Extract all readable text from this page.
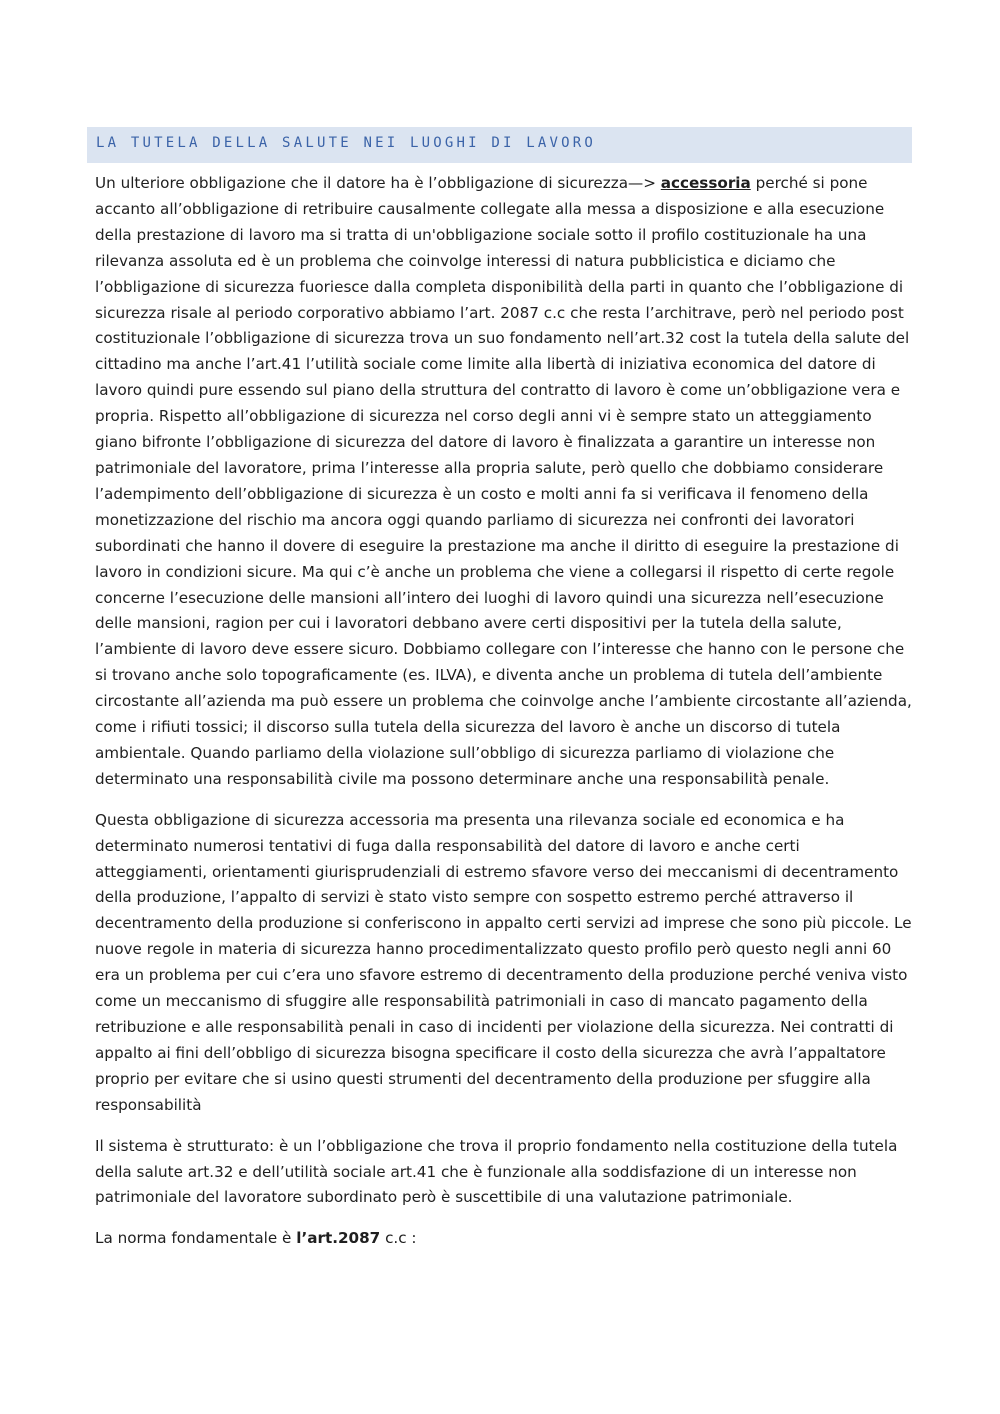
LA TUTELA DELLA SALUTE NEI LUOGHI DI LAVORO

Un ulteriore obbligazione che il datore ha è l’obbligazione di sicurezza—> accessoria perché si pone accanto all’obbligazione di retribuire causalmente collegate alla messa a disposizione e alla esecuzione della prestazione di lavoro ma si tratta di un'obbligazione sociale sotto il profilo costituzionale ha una rilevanza assoluta ed è un problema che coinvolge interessi di natura pubblicistica e diciamo che l’obbligazione di sicurezza fuoriesce dalla completa disponibilità della parti in quanto che l’obbligazione di sicurezza risale al periodo corporativo abbiamo l’art. 2087 c.c che resta l’architrave, però nel periodo post costituzionale l’obbligazione di sicurezza trova un suo fondamento nell’art.32 cost la tutela della salute del cittadino ma anche l’art.41 l’utilità sociale come limite alla libertà di iniziativa economica del datore di lavoro quindi pure essendo sul piano della struttura del contratto di lavoro è come un’obbligazione vera e propria. Rispetto all’obbligazione di sicurezza nel corso degli anni vi è sempre stato un atteggiamento giano bifronte l’obbligazione di sicurezza del datore di lavoro è finalizzata a garantire un interesse non patrimoniale del lavoratore, prima l’interesse alla propria salute, però quello che dobbiamo considerare l’adempimento dell’obbligazione di sicurezza è un costo e molti anni fa si verificava il fenomeno della monetizzazione del rischio ma ancora oggi quando parliamo di sicurezza nei confronti dei lavoratori subordinati che hanno il dovere di eseguire la prestazione ma anche il diritto di eseguire la prestazione di lavoro in condizioni sicure. Ma qui c’è anche un problema che viene a collegarsi il rispetto di certe regole concerne l’esecuzione delle mansioni all’intero dei luoghi di lavoro quindi una sicurezza nell’esecuzione delle mansioni, ragion per cui i lavoratori debbano avere certi dispositivi per la tutela della salute, l’ambiente di lavoro deve essere sicuro. Dobbiamo collegare con l’interesse che hanno con le persone che si trovano anche solo topograficamente (es. ILVA), e diventa anche un problema di tutela dell’ambiente circostante all’azienda ma può essere un problema che coinvolge anche l’ambiente circostante all’azienda, come i rifiuti tossici; il discorso sulla tutela della sicurezza del lavoro è anche un discorso di tutela ambientale. Quando parliamo della violazione sull’obbligo di sicurezza parliamo di violazione che determinato una responsabilità civile ma possono determinare anche una responsabilità penale.

Questa obbligazione di sicurezza accessoria ma presenta una rilevanza sociale ed economica e ha determinato numerosi tentativi di fuga dalla responsabilità del datore di lavoro e anche certi atteggiamenti, orientamenti giurisprudenziali di estremo sfavore verso dei meccanismi di decentramento della produzione, l’appalto di servizi è stato visto sempre con sospetto estremo perché attraverso il decentramento della produzione si conferiscono in appalto certi servizi ad imprese che sono più piccole. Le nuove regole in materia di sicurezza hanno procedimentalizzato questo profilo però questo negli anni 60 era un problema per cui c’era uno sfavore estremo di decentramento della produzione perché veniva visto come un meccanismo di sfuggire alle responsabilità patrimoniali in caso di mancato pagamento della retribuzione e alle responsabilità penali in caso di incidenti per violazione della sicurezza. Nei contratti di appalto ai fini dell’obbligo di sicurezza bisogna specificare il costo della sicurezza che avrà l’appaltatore proprio per evitare che si usino questi strumenti del decentramento della produzione per sfuggire alla responsabilità

Il sistema è strutturato: è un l’obbligazione che trova il proprio fondamento nella costituzione della tutela della salute art.32 e dell’utilità sociale art.41 che è funzionale alla soddisfazione di un interesse non patrimoniale del lavoratore subordinato però è suscettibile di una valutazione patrimoniale.

La norma fondamentale è l’art.2087 c.c :
